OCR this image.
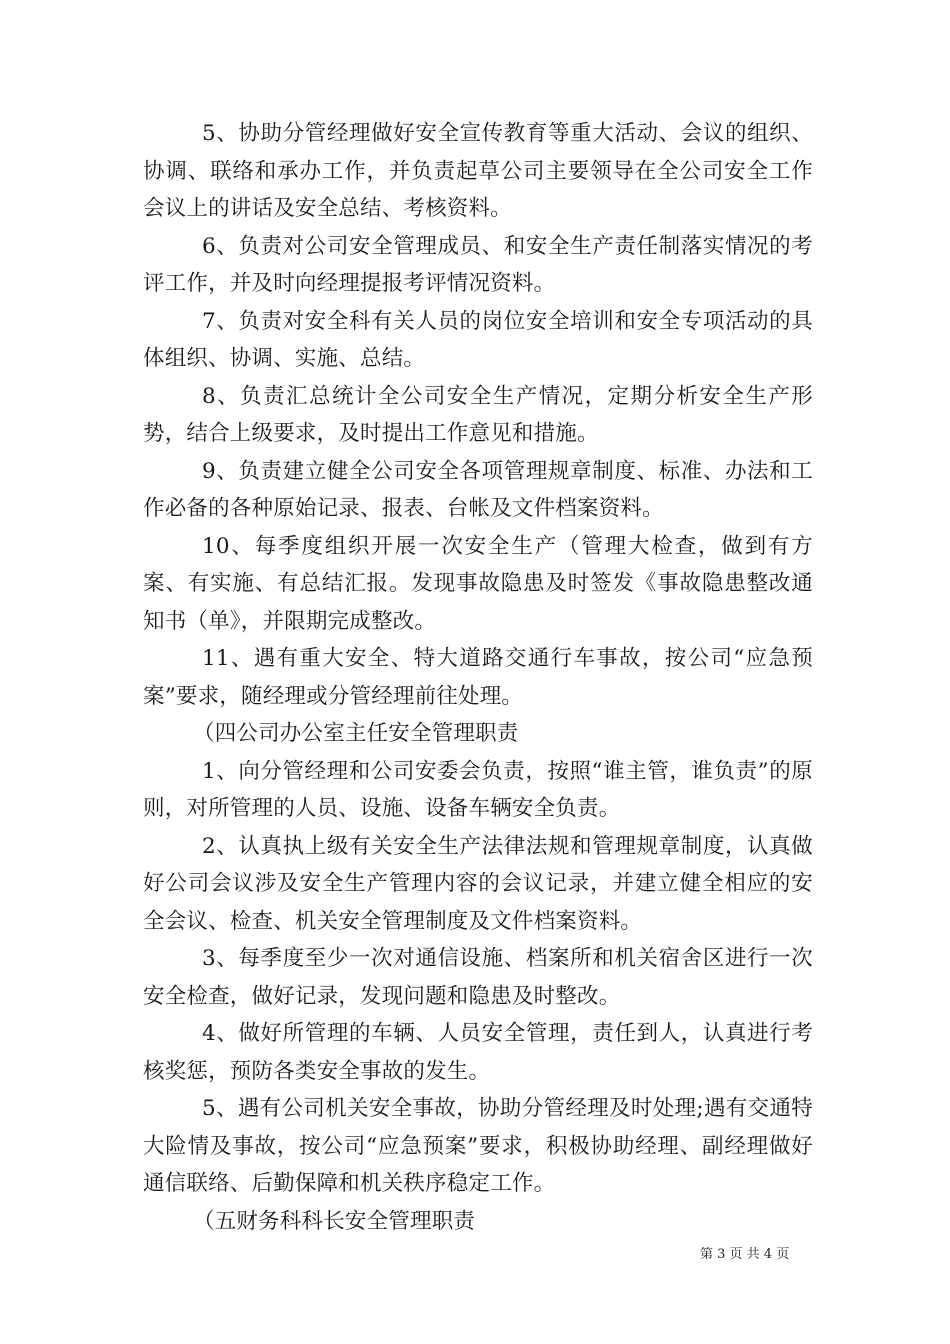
5、协助分管经理做好安全宣传教育等重大活动、会议的组织、协调、联络和承办工作，并负责起草公司主要领导在全公司安全工作会议上的讲话及安全总结、考核资料。

6、负责对公司安全管理成员、和安全生产责任制落实情况的考评工作，并及时向经理提报考评情况资料。

7、负责对安全科有关人员的岗位安全培训和安全专项活动的具体组织、协调、实施、总结。

8、负责汇总统计全公司安全生产情况，定期分析安全生产形势，结合上级要求，及时提出工作意见和措施。

9、负责建立健全公司安全各项管理规章制度、标准、办法和工作必备的各种原始记录、报表、台帐及文件档案资料。

10、每季度组织开展一次安全生产（管理大检查，做到有方案、有实施、有总结汇报。发现事故隐患及时签发《事故隐患整改通知书（单》，并限期完成整改。

11、遇有重大安全、特大道路交通行车事故，按公司“应急预案”要求，随经理或分管经理前往处理。

（四公司办公室主任安全管理职责

1、向分管经理和公司安委会负责，按照“谁主管，谁负责”的原则，对所管理的人员、设施、设备车辆安全负责。

2、认真执上级有关安全生产法律法规和管理规章制度，认真做好公司会议涉及安全生产管理内容的会议记录，并建立健全相应的安全会议、检查、机关安全管理制度及文件档案资料。

3、每季度至少一次对通信设施、档案所和机关宿舍区进行一次安全检查，做好记录，发现问题和隐患及时整改。

4、做好所管理的车辆、人员安全管理，责任到人，认真进行考核奖惩，预防各类安全事故的发生。

5、遇有公司机关安全事故，协助分管经理及时处理;遇有交通特大险情及事故，按公司“应急预案”要求，积极协助经理、副经理做好通信联络、后勤保障和机关秩序稳定工作。

（五财务科科长安全管理职责

第 3 页 共 4 页
